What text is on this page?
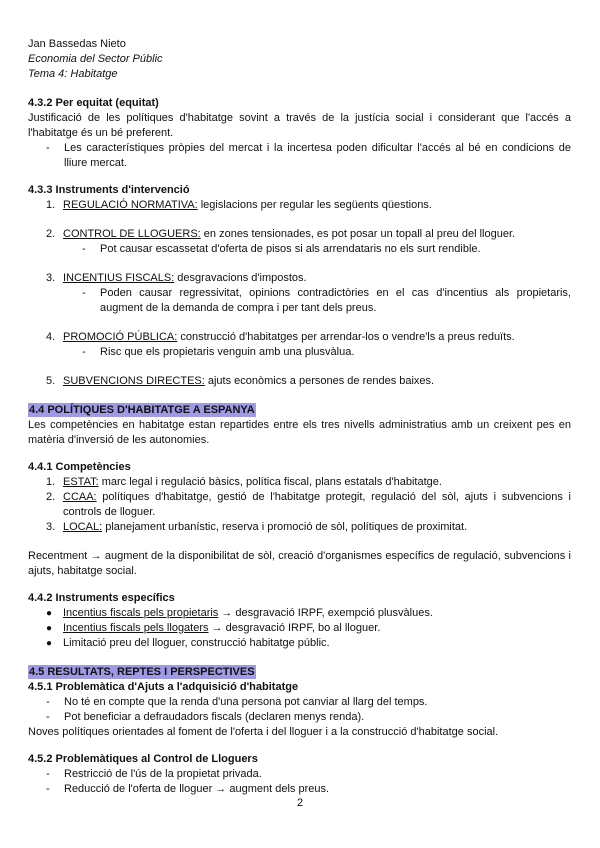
Jan Bassedas Nieto

Economia del Sector Públic

Tema 4: Habitatge

4.3.2 Per equitat (equitat)

Justificació de les polítiques d'habitatge sovint a través de la justícia social i considerant que l'accés a l'habitatge és un bé preferent.

-	Les característiques pròpies del mercat i la incertesa poden dificultar l'accés al bé en condicions de lliure mercat.
4.3.3 Instruments d'intervenció
1. REGULACIÓ NORMATIVA: legislacions per regular les següents qüestions.
2. CONTROL DE LLOGUERS: en zones tensionades, es pot posar un topall al preu del lloguer.
-	Pot causar escassetat d'oferta de pisos si als arrendataris no els surt rendible.
3. INCENTIUS FISCALS: desgravacions d'impostos.
-	Poden causar regressivitat, opinions contradictòries en el cas d'incentius als propietaris, augment de la demanda de compra i per tant dels preus.
4. PROMOCIÓ PÚBLICA: construcció d'habitatges per arrendar-los o vendre'ls a preus reduïts.
-	Risc que els propietaris venguin amb una plusvàlua.
5. SUBVENCIONS DIRECTES: ajuts econòmics a persones de rendes baixes.
4.4 POLÍTIQUES D'HABITATGE A ESPANYA

Les competències en habitatge estan repartides entre els tres nivells administratius amb un creixent pes en matèria d'inversió de les autonomies.

4.4.1 Competències
1. ESTAT: marc legal i regulació bàsics, política fiscal, plans estatals d'habitatge.
2. CCAA: polítiques d'habitatge, gestió de l'habitatge protegit, regulació del sòl, ajuts i subvencions i controls de lloguer.
3. LOCAL: planejament urbanístic, reserva i promoció de sòl, polítiques de proximitat.

Recentment → augment de la disponibilitat de sòl, creació d'organismes específics de regulació, subvencions i ajuts, habitatge social.

4.4.2 Instruments específics
● Incentius fiscals pels propietaris → desgravació IRPF, exempció plusvàlues.
● Incentius fiscals pels llogaters → desgravació IRPF, bo al lloguer.
● Limitació preu del lloguer, construcció habitatge públic.
4.5 RESULTATS, REPTES I PERSPECTIVES
4.5.1 Problemàtica d'Ajuts a l'adquisició d'habitatge
-	No té en compte que la renda d'una persona pot canviar al llarg del temps.
-	Pot beneficiar a defraudadors fiscals (declaren menys renda).

Noves polítiques orientades al foment de l'oferta i del lloguer i a la construcció d'habitatge social.

4.5.2 Problemàtiques al Control de Lloguers
-	Restricció de l'ús de la propietat privada.
-	Reducció de l'oferta de lloguer → augment dels preus.
2
